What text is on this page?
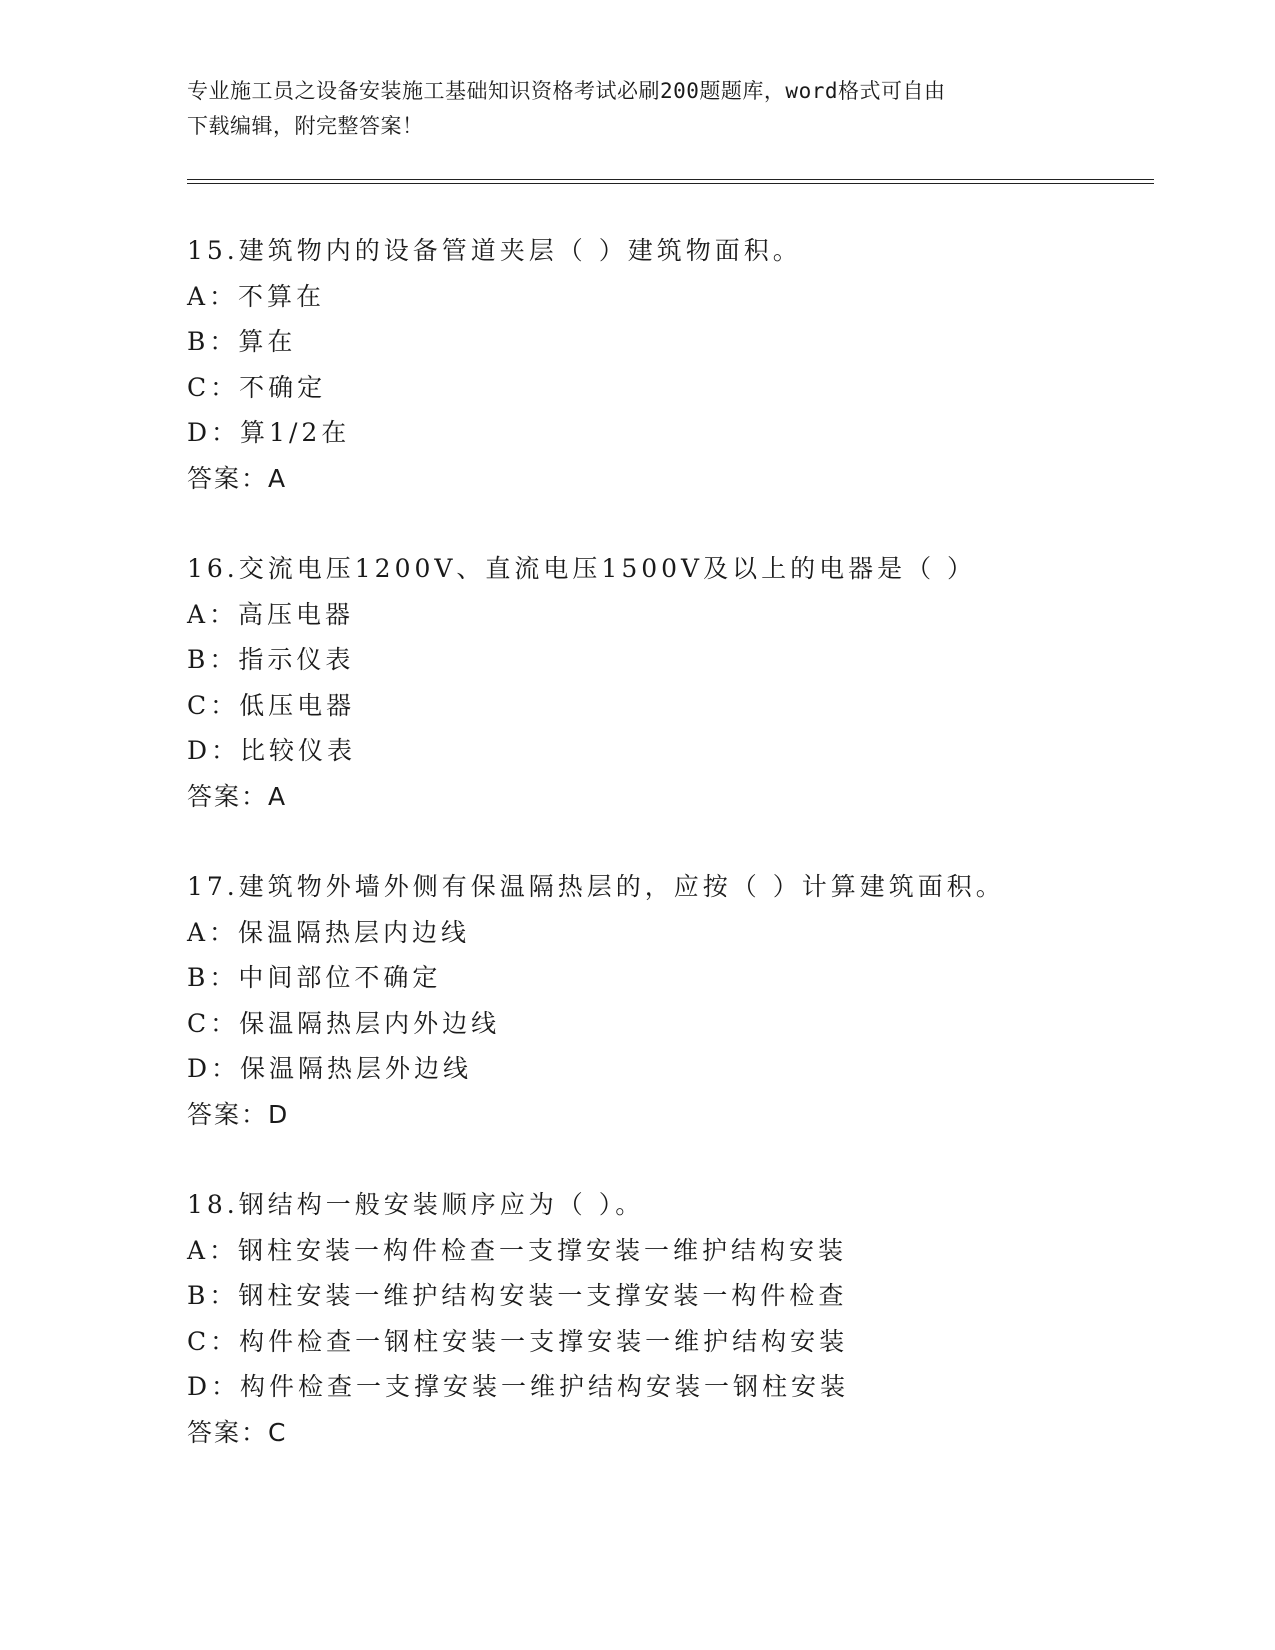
专业施工员之设备安装施工基础知识资格考试必刷200题题库，word格式可自由
下载编辑，附完整答案！
15.建筑物内的设备管道夹层（ ）建筑物面积。
A：不算在
B：算在
C：不确定
D：算1/2在
答案：A
16.交流电压1200V、直流电压1500V及以上的电器是（ ）
A：高压电器
B：指示仪表
C：低压电器
D：比较仪表
答案：A
17.建筑物外墙外侧有保温隔热层的，应按（ ）计算建筑面积。
A：保温隔热层内边线
B：中间部位不确定
C：保温隔热层内外边线
D：保温隔热层外边线
答案：D
18.钢结构一般安装顺序应为（ ）。
A：钢柱安装一构件检查一支撑安装一维护结构安装
B：钢柱安装一维护结构安装一支撑安装一构件检查
C：构件检查一钢柱安装一支撑安装一维护结构安装
D：构件检查一支撑安装一维护结构安装一钢柱安装
答案：C
